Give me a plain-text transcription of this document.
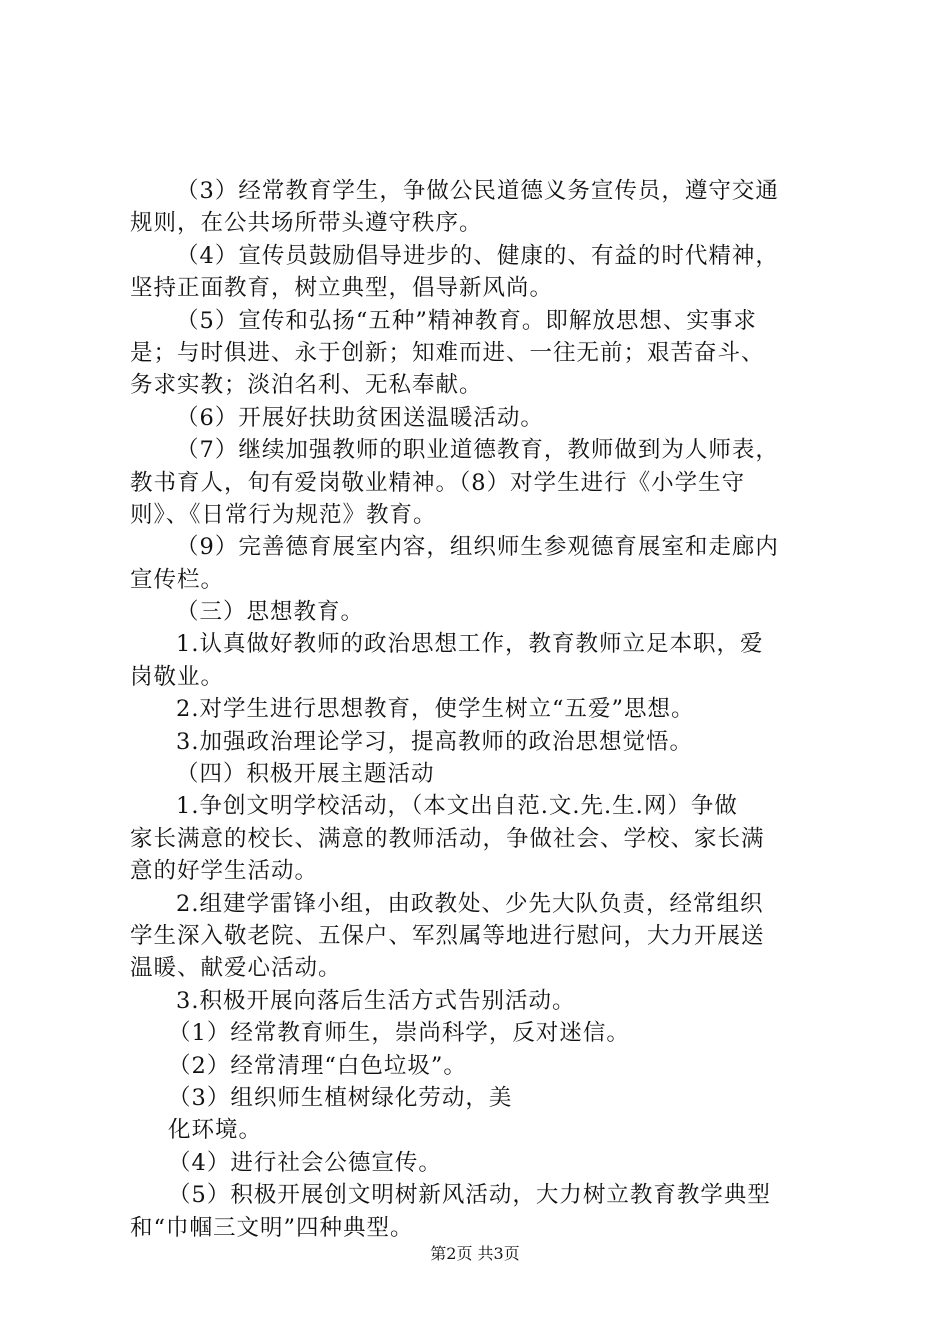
（3）经常教育学生，争做公民道德义务宣传员，遵守交通
规则，在公共场所带头遵守秩序。
（4）宣传员鼓励倡导进步的、健康的、有益的时代精神，
坚持正面教育，树立典型，倡导新风尚。
（5）宣传和弘扬“五种”精神教育。即解放思想、实事求
是；与时俱进、永于创新；知难而进、一往无前；艰苦奋斗、
务求实教；淡泊名利、无私奉献。
（6）开展好扶助贫困送温暖活动。
（7）继续加强教师的职业道德教育，教师做到为人师表，
教书育人，旬有爱岗敬业精神。（8）对学生进行《小学生守
则》、《日常行为规范》教育。
（9）完善德育展室内容，组织师生参观德育展室和走廊内
宣传栏。
（三）思想教育。
1.认真做好教师的政治思想工作，教育教师立足本职，爱
岗敬业。
2.对学生进行思想教育，使学生树立“五爱”思想。
3.加强政治理论学习，提高教师的政治思想觉悟。
（四）积极开展主题活动
1.争创文明学校活动，（本文出自范.文.先.生.网）争做
家长满意的校长、满意的教师活动，争做社会、学校、家长满
意的好学生活动。
2.组建学雷锋小组，由政教处、少先大队负责，经常组织
学生深入敬老院、五保户、军烈属等地进行慰问，大力开展送
温暖、献爱心活动。
3.积极开展向落后生活方式告别活动。
（1）经常教育师生，崇尚科学，反对迷信。
（2）经常清理“白色垃圾”。
（3）组织师生植树绿化劳动，美
化环境。
（4）进行社会公德宣传。
（5）积极开展创文明树新风活动，大力树立教育教学典型
和“巾帼三文明”四种典型。
第2页 共3页
